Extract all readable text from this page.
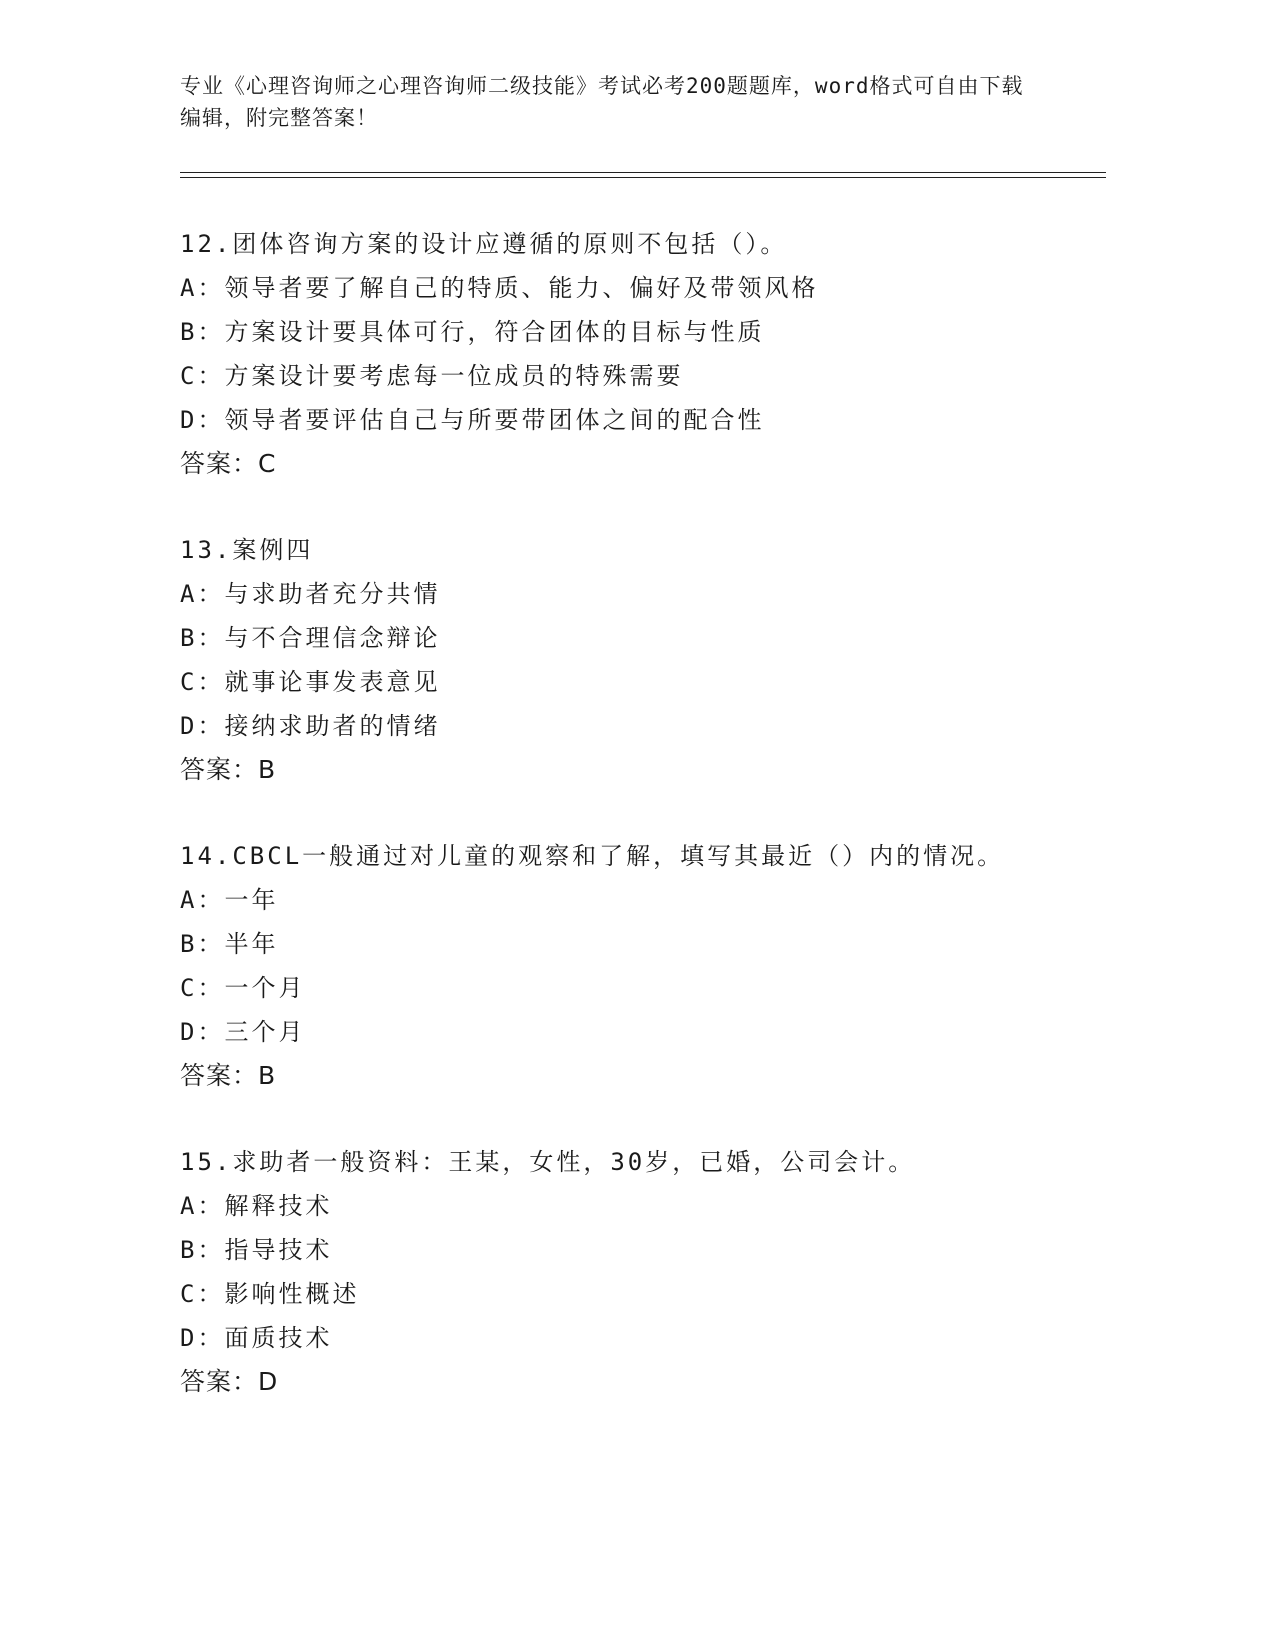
专业《心理咨询师之心理咨询师二级技能》考试必考200题题库，word格式可自由下载编辑，附完整答案！
12.团体咨询方案的设计应遵循的原则不包括（）。
A：领导者要了解自己的特质、能力、偏好及带领风格
B：方案设计要具体可行，符合团体的目标与性质
C：方案设计要考虑每一位成员的特殊需要
D：领导者要评估自己与所要带团体之间的配合性
答案：C
13.案例四
A：与求助者充分共情
B：与不合理信念辩论
C：就事论事发表意见
D：接纳求助者的情绪
答案：B
14.CBCL一般通过对儿童的观察和了解，填写其最近（）内的情况。
A：一年
B：半年
C：一个月
D：三个月
答案：B
15.求助者一般资料：王某，女性，30岁，已婚，公司会计。
A：解释技术
B：指导技术
C：影响性概述
D：面质技术
答案：D
